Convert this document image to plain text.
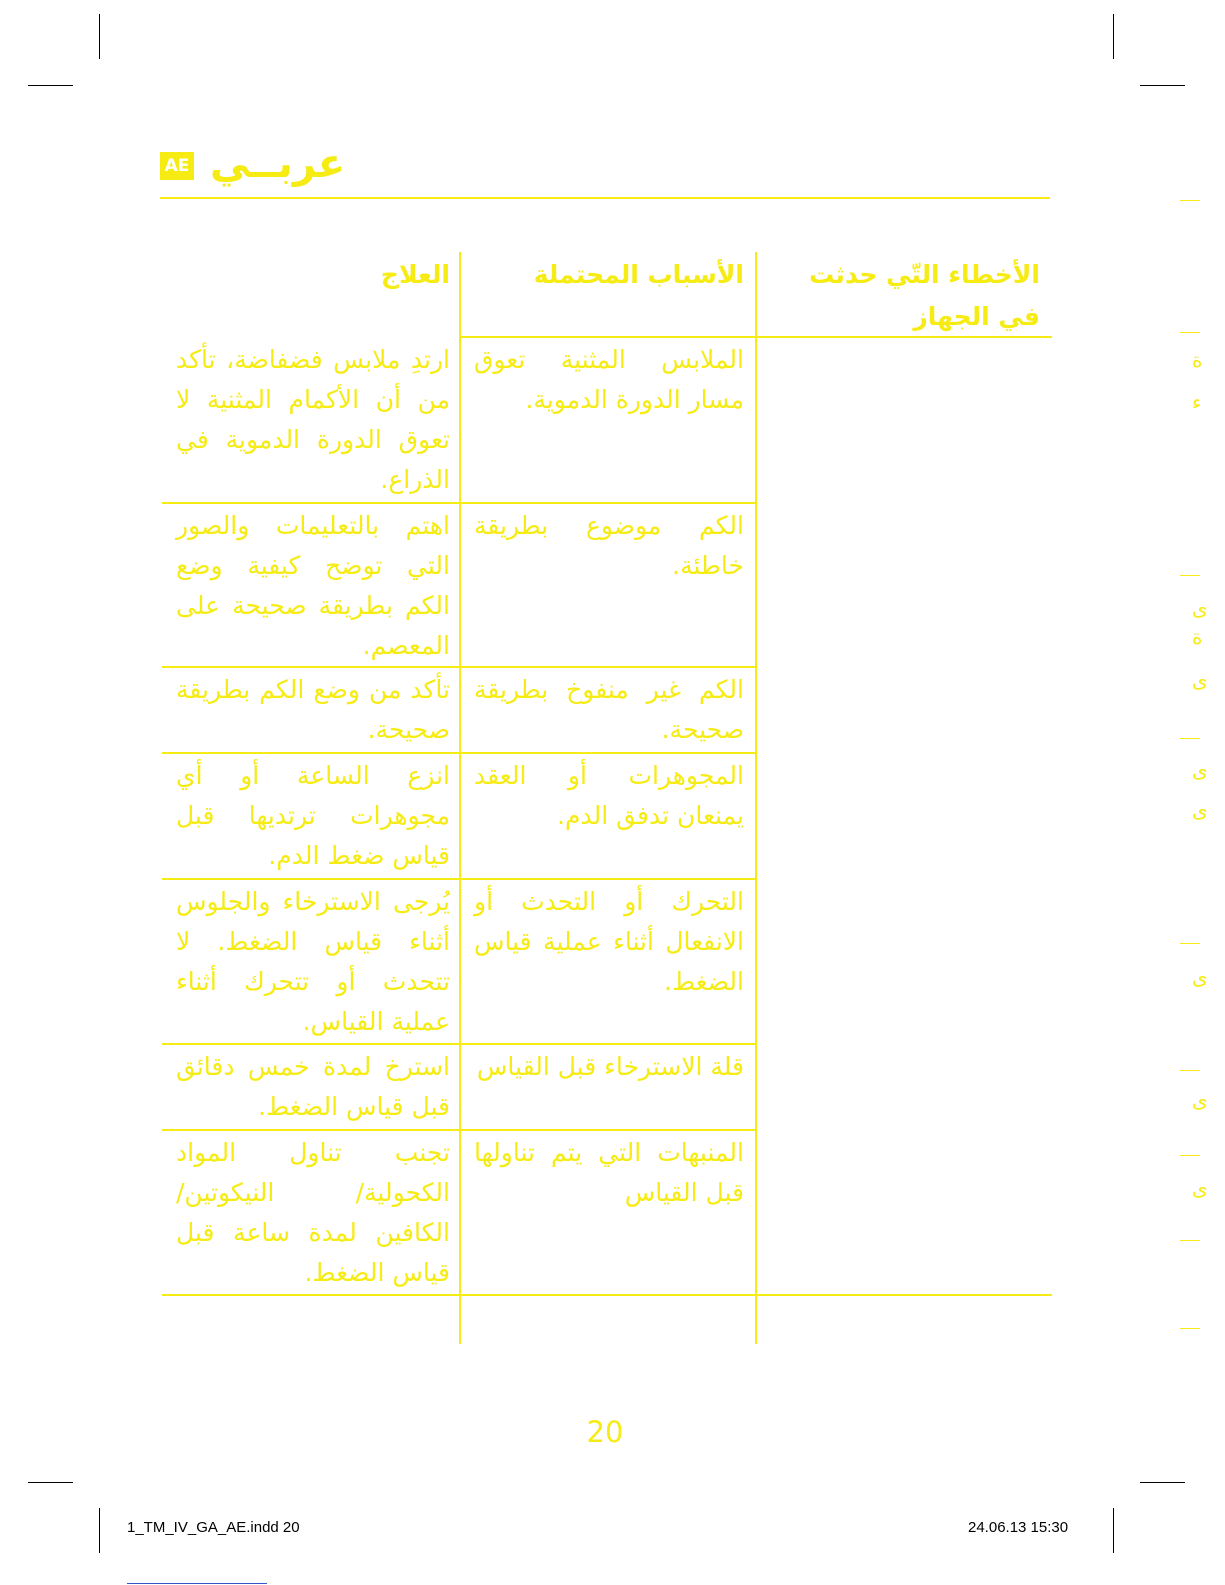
AE عربــي
الأخطاء التّي حدثت في الجهاز
الأسباب المحتملة
العلاج
الملابس المثنية تعوق مسار الدورة الدموية.
ارتدِ ملابس فضفاضة، تأكد من أن الأكمام المثنية لا تعوق الدورة الدموية في الذراع.
الكم موضوع بطريقة خاطئة.
اهتم بالتعليمات والصور التي توضح كيفية وضع الكم بطريقة صحيحة على المعصم.
الكم غير منفوخ بطريقة صحيحة.
تأكد من وضع الكم بطريقة صحيحة.
المجوهرات أو العقد يمنعان تدفق الدم.
انزع الساعة أو أي مجوهرات ترتديها قبل قياس ضغط الدم.
التحرك أو التحدث أو الانفعال أثناء عملية قياس الضغط.
يُرجى الاسترخاء والجلوس أثناء قياس الضغط. لا تتحدث أو تتحرك أثناء عملية القياس.
قلة الاسترخاء قبل القياس
استرخ لمدة خمس دقائق قبل قياس الضغط.
المنبهات التي يتم تناولها قبل القياس
تجنب تناول المواد الكحولية/ النيكوتين/ الكافين لمدة ساعة قبل قياس الضغط.
20
ة
ء
ى
ة
ى
ى
ى
ى
ى
ى
1_TM_IV_GA_AE.indd 20	24.06.13 15:30
